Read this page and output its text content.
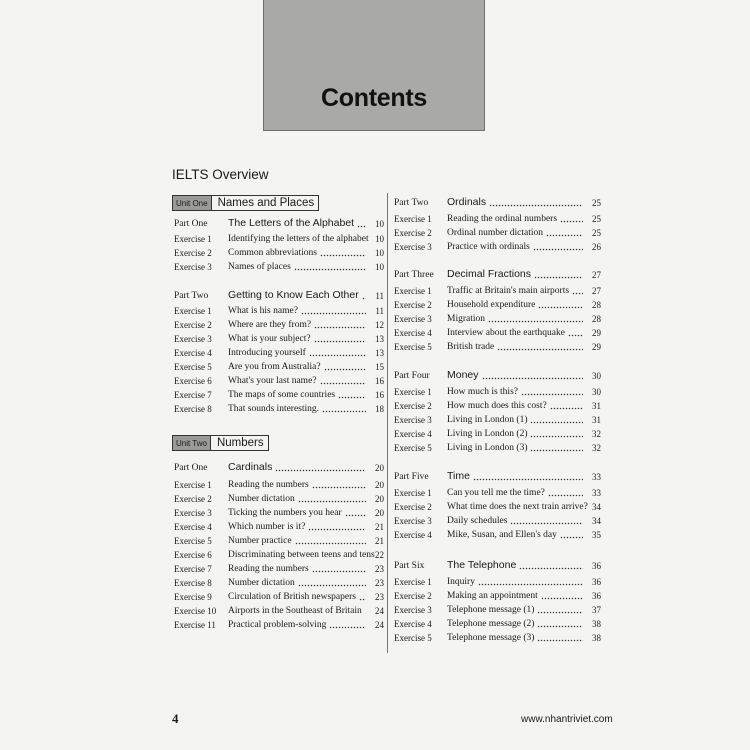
Contents
IELTS Overview
Unit One Names and Places
Part One The Letters of the Alphabet	10
Exercise 1 Identifying the letters of the alphabet 10
Exercise 2 Common abbreviations	10
Exercise 3 Names of places	10
Part Two Getting to Know Each Other	11
Exercise 1 What is his name?	11
Exercise 2 Where are they from?	12
Exercise 3 What is your subject?	13
Exercise 4 Introducing yourself	13
Exercise 5 Are you from Australia?	15
Exercise 6 What's your last name?	16
Exercise 7 The maps of some countries	16
Exercise 8 That sounds interesting.	18
Unit Two Numbers
Part One Cardinals	20
Exercise 1 Reading the numbers	20
Exercise 2 Number dictation	20
Exercise 3 Ticking the numbers you hear	20
Exercise 4 Which number is it?	21
Exercise 5 Number practice	21
Exercise 6 Discriminating between teens and tens 22
Exercise 7 Reading the numbers	23
Exercise 8 Number dictation	23
Exercise 9 Circulation of British newspapers	23
Exercise 10 Airports in the Southeast of Britain	24
Exercise 11 Practical problem-solving	24
Part Two Ordinals	25
Exercise 1 Reading the ordinal numbers	25
Exercise 2 Ordinal number dictation	25
Exercise 3 Practice with ordinals	26
Part Three Decimal Fractions	27
Exercise 1 Traffic at Britain's main airports	27
Exercise 2 Household expenditure	28
Exercise 3 Migration	28
Exercise 4 Interview about the earthquake	29
Exercise 5 British trade	29
Part Four Money	30
Exercise 1 How much is this?	30
Exercise 2 How much does this cost?	31
Exercise 3 Living in London (1)	31
Exercise 4 Living in London (2)	32
Exercise 5 Living in London (3)	32
Part Five Time	33
Exercise 1 Can you tell me the time?	33
Exercise 2 What time does the next train arrive? 34
Exercise 3 Daily schedules	34
Exercise 4 Mike, Susan, and Ellen's day	35
Part Six The Telephone	36
Exercise 1 Inquiry	36
Exercise 2 Making an appointment	36
Exercise 3 Telephone message (1)	37
Exercise 4 Telephone message (2)	38
Exercise 5 Telephone message (3)	38
4	www.nhantriviet.com
